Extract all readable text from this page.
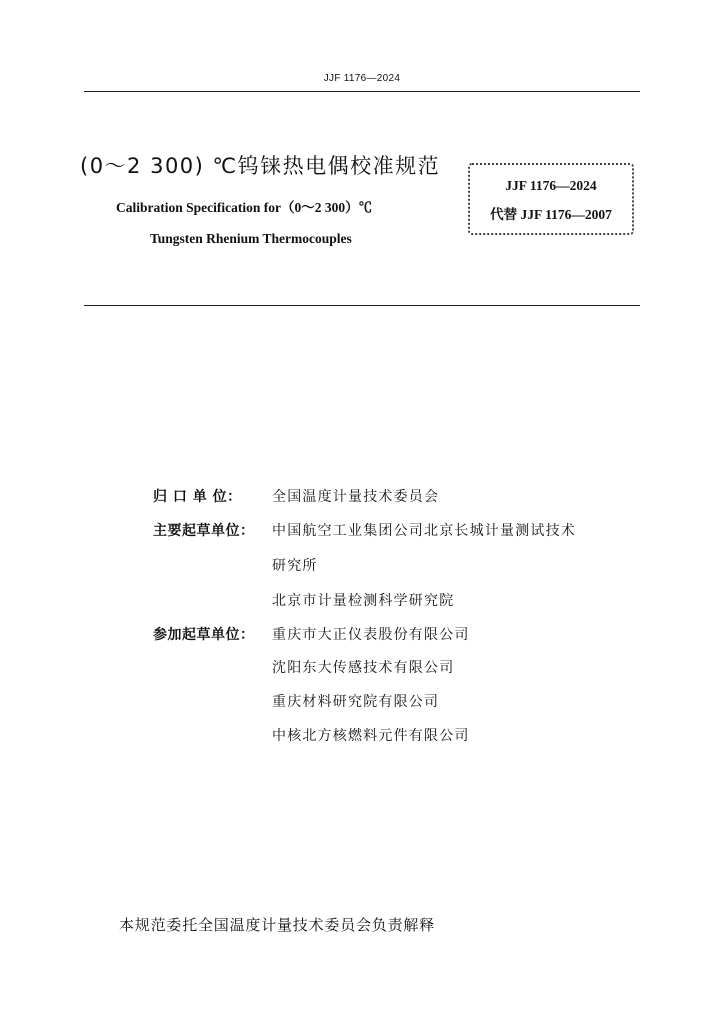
JJF 1176—2024
(0～2 300) ℃钨铼热电偶校准规范
Calibration Specification for（0～2 300）℃
Tungsten Rhenium Thermocouples
JJF 1176—2024
代替 JJF 1176—2007
归 口 单 位： 全国温度计量技术委员会
主要起草单位： 中国航空工业集团公司北京长城计量测试技术
研究所
北京市计量检测科学研究院
参加起草单位： 重庆市大正仪表股份有限公司
沈阳东大传感技术有限公司
重庆材料研究院有限公司
中核北方核燃料元件有限公司
本规范委托全国温度计量技术委员会负责解释
